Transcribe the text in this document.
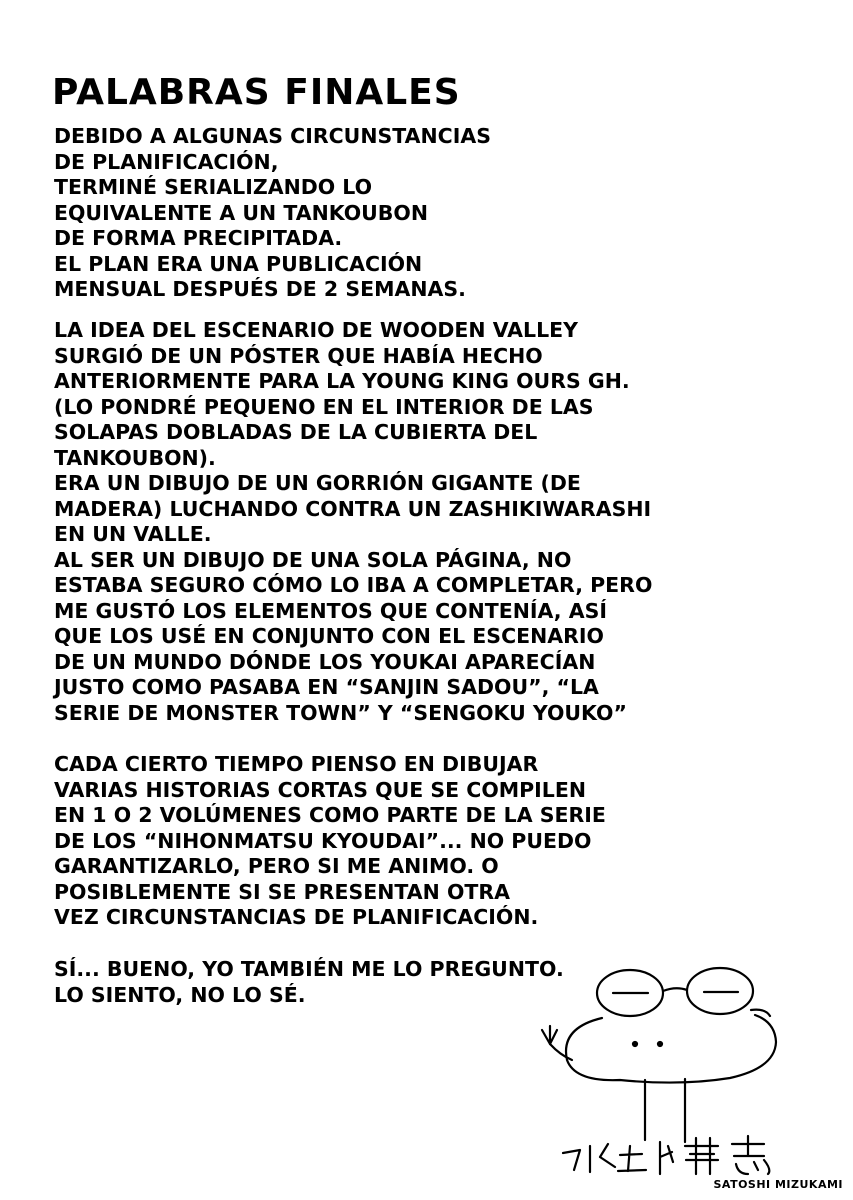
PALABRAS FINALES

DEBIDO A ALGUNAS CIRCUNSTANCIAS
DE PLANIFICACIÓN,
TERMINÉ SERIALIZANDO LO
EQUIVALENTE A UN TANKOUBON
DE FORMA PRECIPITADA.
EL PLAN ERA UNA PUBLICACIÓN
MENSUAL DESPUÉS DE 2 SEMANAS.

LA IDEA DEL ESCENARIO DE WOODEN VALLEY
SURGIÓ DE UN PÓSTER QUE HABÍA HECHO
ANTERIORMENTE PARA LA YOUNG KING OURS GH.
(LO PONDRÉ PEQUENO EN EL INTERIOR DE LAS
SOLAPAS DOBLADAS DE LA CUBIERTA DEL
TANKOUBON).
ERA UN DIBUJO DE UN GORRIÓN GIGANTE (DE
MADERA) LUCHANDO CONTRA UN ZASHIKIWARASHI
EN UN VALLE.
AL SER UN DIBUJO DE UNA SOLA PÁGINA, NO
ESTABA SEGURO CÓMO LO IBA A COMPLETAR, PERO
ME GUSTÓ LOS ELEMENTOS QUE CONTENÍA, ASÍ
QUE LOS USÉ EN CONJUNTO CON EL ESCENARIO
DE UN MUNDO DÓNDE LOS YOUKAI APARECÍAN
JUSTO COMO PASABA EN “SANJIN SADOU”, “LA
SERIE DE MONSTER TOWN” Y “SENGOKU YOUKO”

CADA CIERTO TIEMPO PIENSO EN DIBUJAR
VARIAS HISTORIAS CORTAS QUE SE COMPILEN
EN 1 O 2 VOLÚMENES COMO PARTE DE LA SERIE
DE LOS “NIHONMATSU KYOUDAI”... NO PUEDO
GARANTIZARLO, PERO SI ME ANIMO. O
POSIBLEMENTE SI SE PRESENTAN OTRA
VEZ CIRCUNSTANCIAS DE PLANIFICACIÓN.

SÍ... BUENO, YO TAMBIÉN ME LO PREGUNTO.
LO SIENTO, NO LO SÉ.

SATOSHI MIZUKAMI
